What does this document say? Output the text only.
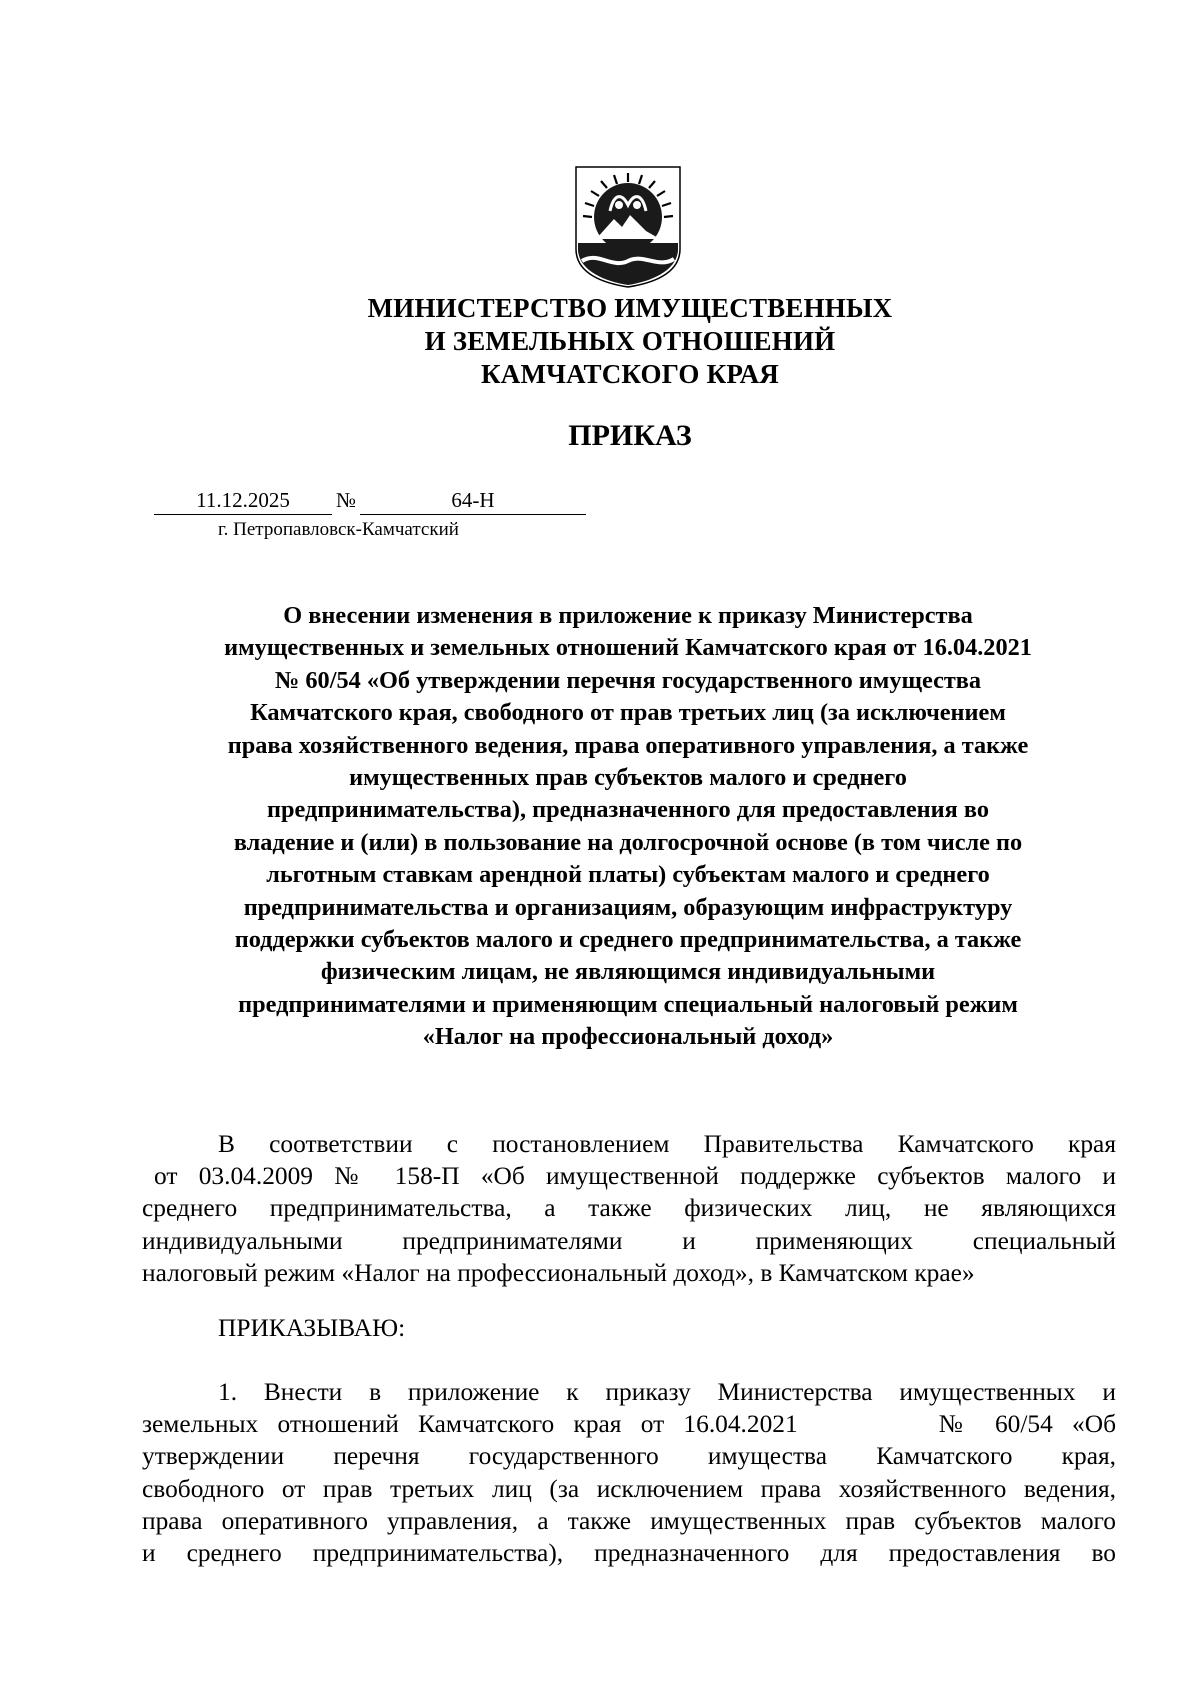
МИНИСТЕРСТВО ИМУЩЕСТВЕННЫХ
И ЗЕМЕЛЬНЫХ ОТНОШЕНИЙ
КАМЧАТСКОГО КРАЯ
ПРИКАЗ
11.12.2025 №	64-Н
г. Петропавловск-Камчатский
О внесении изменения в приложение к приказу Министерства
имущественных и земельных отношений Камчатского края от 16.04.2021
№ 60/54 «Об утверждении перечня государственного имущества
Камчатского края, свободного от прав третьих лиц (за исключением
права хозяйственного ведения, права оперативного управления, а также
имущественных прав субъектов малого и среднего
предпринимательства), предназначенного для предоставления во
владение и (или) в пользование на долгосрочной основе (в том числе по
льготным ставкам арендной платы) субъектам малого и среднего
предпринимательства и организациям, образующим инфраструктуру
поддержки субъектов малого и среднего предпринимательства, а также
физическим лицам, не являющимся индивидуальными
предпринимателями и применяющим специальный налоговый режим
«Налог на профессиональный доход»
В соответствии с постановлением Правительства Камчатского края
от 03.04.2009 № 158-П «Об имущественной поддержке субъектов малого и
среднего предпринимательства, а также физических лиц, не являющихся
индивидуальными предпринимателями и применяющих специальный
налоговый режим «Налог на профессиональный доход», в Камчатском крае»
ПРИКАЗЫВАЮ:
1. Внести в приложение к приказу Министерства имущественных и
земельных отношений Камчатского края от 16.04.2021	№ 60/54 «Об
утверждении перечня государственного имущества Камчатского края,
свободного от прав третьих лиц (за исключением права хозяйственного ведения,
права оперативного управления, а также имущественных прав субъектов малого
и среднего предпринимательства), предназначенного для предоставления во
